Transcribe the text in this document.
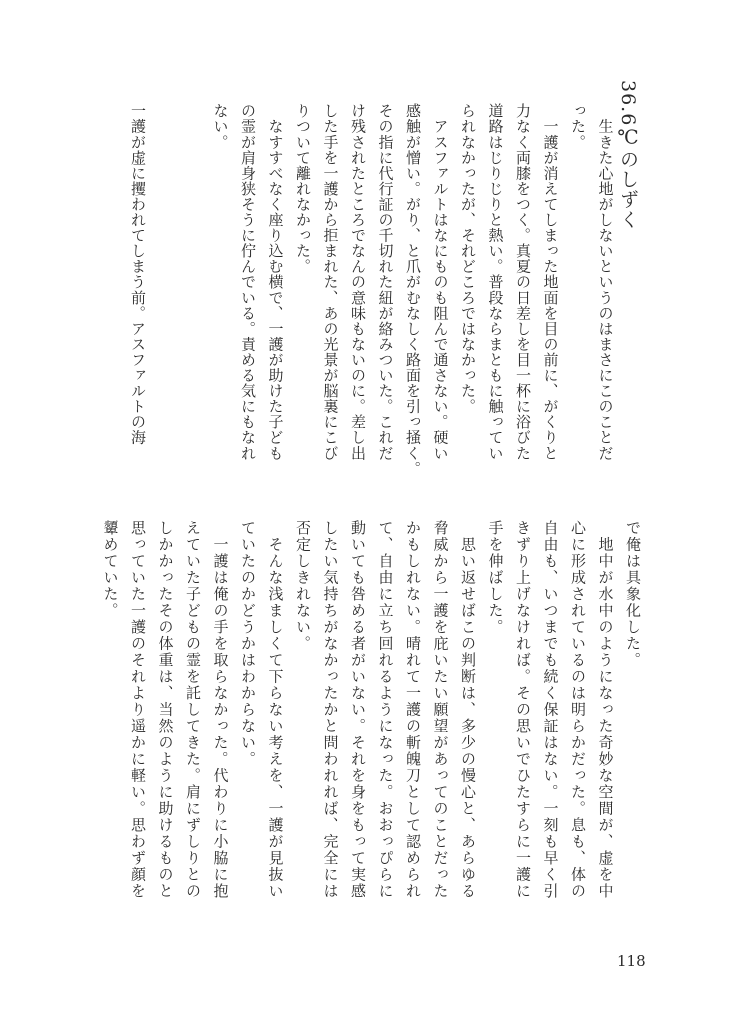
36.6℃のしずく
　生きた心地がしないというのはまさにこのことだ
った。
　一護が消えてしまった地面を目の前に、がくりと
力なく両膝をつく。真夏の日差しを目一杯に浴びた
道路はじりじりと熱い。普段ならまともに触ってい
られなかったが、それどころではなかった。
　アスファルトはなにものも阻んで通さない。硬い
感触が憎い。がり、と爪がむなしく路面を引っ掻く。
その指に代行証の千切れた紐が絡みついた。これだ
け残されたところでなんの意味もないのに。差し出
した手を一護から拒まれた、あの光景が脳裏にこび
りついて離れなかった。
　なすすべなく座り込む横で、一護が助けた子ども
の霊が肩身狭そうに佇んでいる。責める気にもなれ
ない。
一護が虚に攫われてしまう前。アスファルトの海
で俺は具象化した。
　地中が水中のようになった奇妙な空間が、虚を中
心に形成されているのは明らかだった。息も、体の
自由も、いつまでも続く保証はない。一刻も早く引
きずり上げなければ。その思いでひたすらに一護に
手を伸ばした。
　思い返せばこの判断は、多少の慢心と、あらゆる
脅威から一護を庇いたい願望があってのことだった
かもしれない。晴れて一護の斬魄刀として認められ
て、自由に立ち回れるようになった。おおっぴらに
動いても咎める者がいない。それを身をもって実感
したい気持ちがなかったかと問われれば、完全には
否定しきれない。
　そんな浅ましくて下らない考えを、一護が見抜い
ていたのかどうかはわからない。
　一護は俺の手を取らなかった。代わりに小脇に抱
えていた子どもの霊を託してきた。肩にずしりとの
しかかったその体重は、当然のように助けるものと
思っていた一護のそれより遥かに軽い。思わず顔を
顰めていた。
118
